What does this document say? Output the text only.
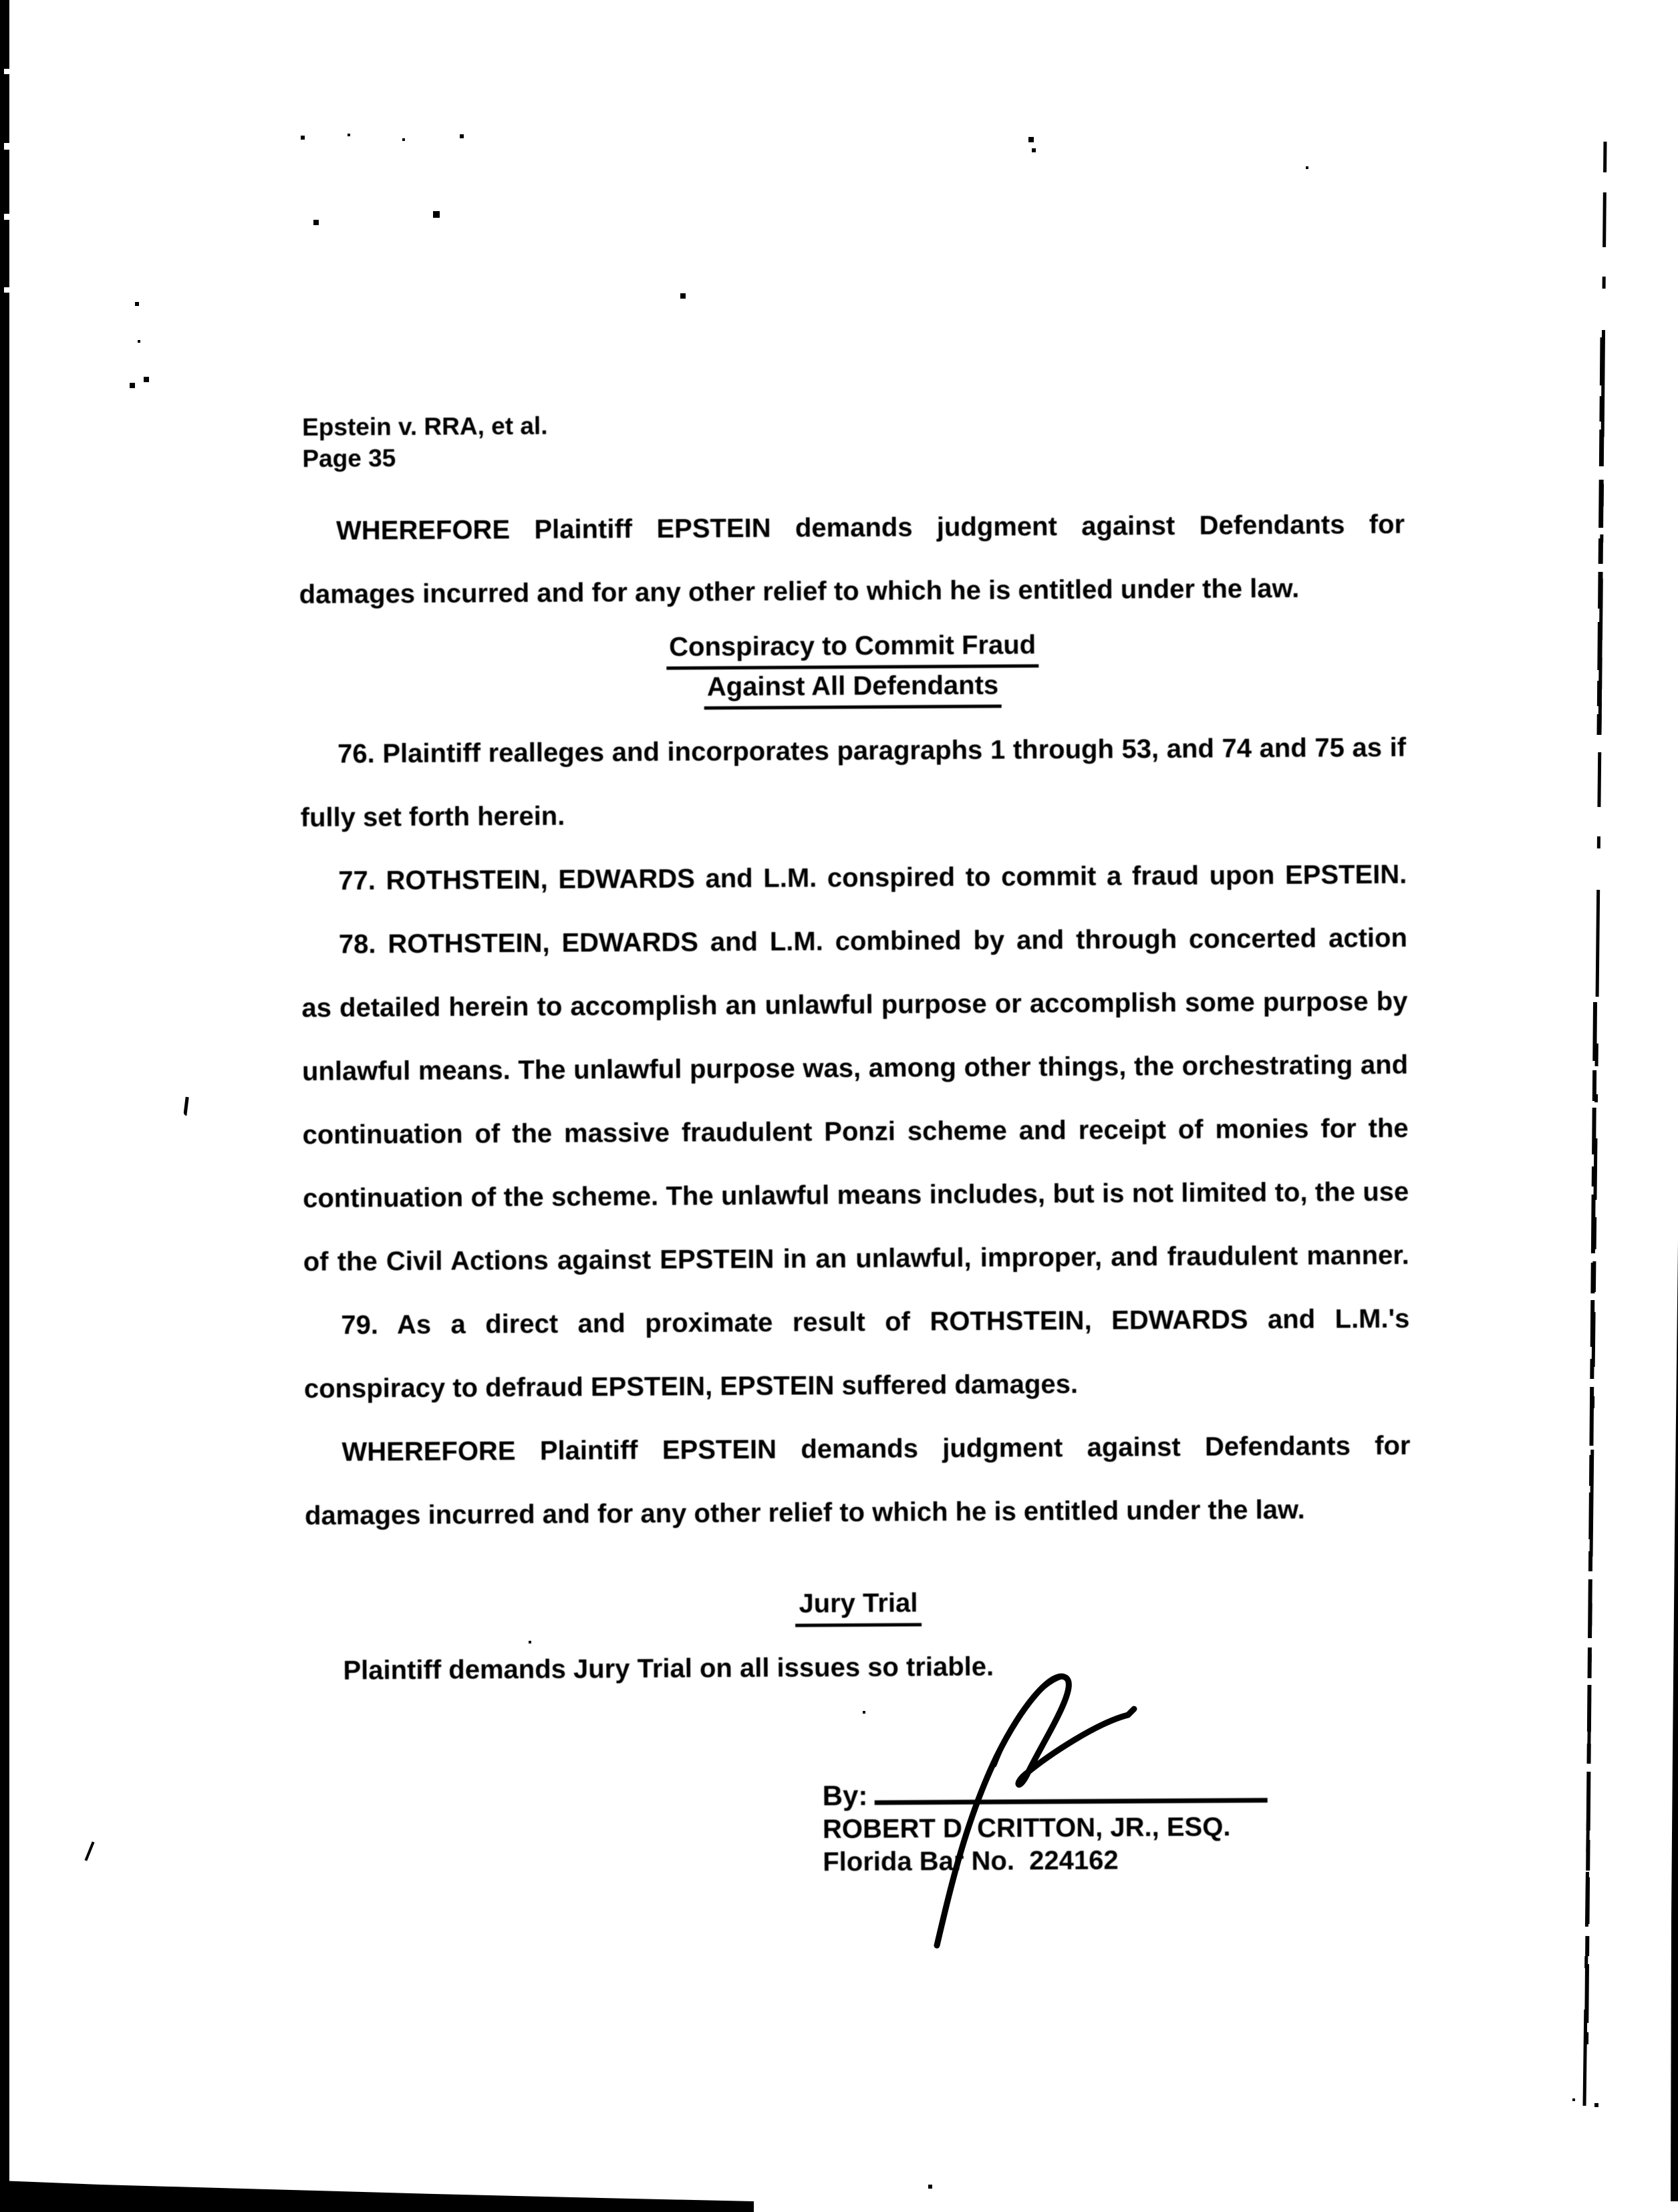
Epstein v. RRA, et al.
Page 35
WHEREFORE Plaintiff EPSTEIN demands judgment against Defendants for
damages incurred and for any other relief to which he is entitled under the law.
Conspiracy to Commit Fraud
Against All Defendants
76. Plaintiff realleges and incorporates paragraphs 1 through 53, and 74 and 75 as if
fully set forth herein.
77. ROTHSTEIN, EDWARDS and L.M. conspired to commit a fraud upon EPSTEIN.
78. ROTHSTEIN, EDWARDS and L.M. combined by and through concerted action
as detailed herein to accomplish an unlawful purpose or accomplish some purpose by
unlawful means. The unlawful purpose was, among other things, the orchestrating and
continuation of the massive fraudulent Ponzi scheme and receipt of monies for the
continuation of the scheme. The unlawful means includes, but is not limited to, the use
of the Civil Actions against EPSTEIN in an unlawful, improper, and fraudulent manner.
79. As a direct and proximate result of ROTHSTEIN, EDWARDS and L.M.'s
conspiracy to defraud EPSTEIN, EPSTEIN suffered damages.
WHEREFORE Plaintiff EPSTEIN demands judgment against Defendants for
damages incurred and for any other relief to which he is entitled under the law.
Jury Trial
Plaintiff demands Jury Trial on all issues so triable.
By:
ROBERT D. CRITTON, JR., ESQ.
Florida Bar No.  224162
